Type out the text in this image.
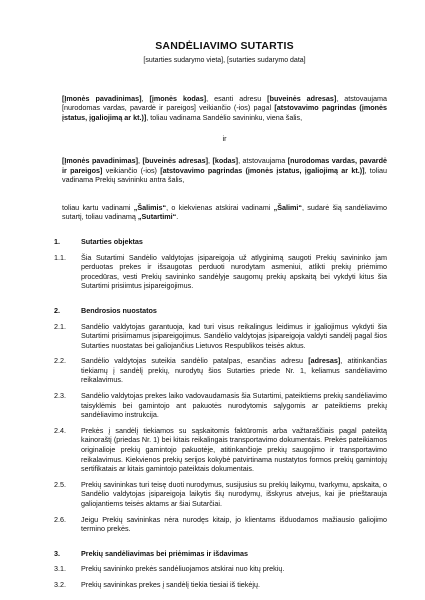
SANDĖLIAVIMO SUTARTIS
[sutarties sudarymo vieta], [sutarties sudarymo data]
[Įmonės pavadinimas], [įmonės kodas], esanti adresu [buveinės adresas], atstovaujama [nurodomas vardas, pavardė ir pareigos] veikiančio (-ios) pagal [atstovavimo pagrindas (įmonės įstatus, įgaliojimą ar kt.)], toliau vadinama Sandėlio savininku, viena šalis,
ir
[Įmonės pavadinimas], [buveinės adresas], [kodas], atstovaujama [nurodomas vardas, pavardė ir pareigos] veikiančio (-ios) [atstovavimo pagrindas (įmonės įstatus, įgaliojimą ar kt.)], toliau vadinama Prekių savininku antra šalis,
toliau kartu vadinami „Šalimis“, o kiekvienas atskirai vadinami „Šalimi“, sudarė šią sandėliavimo sutartį, toliau vadinamą „Sutartimi“.
1.	Sutarties objektas
1.1. Šia Sutartimi Sandėlio valdytojas įsipareigoja už atlyginimą saugoti Prekių savininko jam perduotas prekes ir išsaugotas perduoti nurodytam asmeniui, atlikti prekių priėmimo procedūras, vesti Prekių savininko sandėlyje saugomų prekių apskaitą bei vykdyti kitus šia Sutartimi prisiimtus įsipareigojimus.
2.	Bendrosios nuostatos
2.1. Sandėlio valdytojas garantuoja, kad turi visus reikalingus leidimus ir įgaliojimus vykdyti šia Sutartimi prisiimamus įsipareigojimus. Sandėlio valdytojas įsipareigoja valdyti sandėlį pagal šios Sutarties nuostatas bei galiojančius Lietuvos Respublikos teisės aktus.
2.2. Sandėlio valdytojas suteikia sandėlio patalpas, esančias adresu [adresas], atitinkančias tiekiamų į sandėlį prekių, nurodytų šios Sutarties priede Nr. 1, keliamus sandėliavimo reikalavimus.
2.3. Sandėlio valdytojas prekes laiko vadovaudamasis šia Sutartimi, pateiktiems prekių sandėliavimo taisyklėmis bei gamintojo ant pakuotės nurodytomis sąlygomis ar pateiktiems prekių sandėliavimo instrukcija.
2.4. Prekės į sandėlį tiekiamos su sąskaitomis faktūromis arba važtaraščiais pagal pateiktą kainoraštį (priedas Nr. 1) bei kitais reikalingais transportavimo dokumentais. Prekės pateikiamos originalioje prekių gamintojo pakuotėje, atitinkančioje prekių saugojimo ir transportavimo reikalavimus. Kiekvienos prekių serijos kokybė patvirtinama nustatytos formos prekių gamintojų sertifikatais ar kitais gamintojo pateiktais dokumentais.
2.5. Prekių savininkas turi teisę duoti nurodymus, susijusius su prekių laikymu, tvarkymu, apskaita, o Sandėlio valdytojas įsipareigoja laikytis šių nurodymų, išskyrus atvejus, kai jie prieštarauja galiojantiems teisės aktams ar šiai Sutarčiai.
2.6. Jeigu Prekių savininkas nėra nurodęs kitaip, jo klientams išduodamos mažiausio galiojimo termino prekės.
3.	Prekių sandėliavimas bei priėmimas ir išdavimas
3.1. Prekių savininko prekės sandėliuojamos atskirai nuo kitų prekių.
3.2. Prekių savininkas prekes į sandėlį tiekia tiesiai iš tiekėjų.
